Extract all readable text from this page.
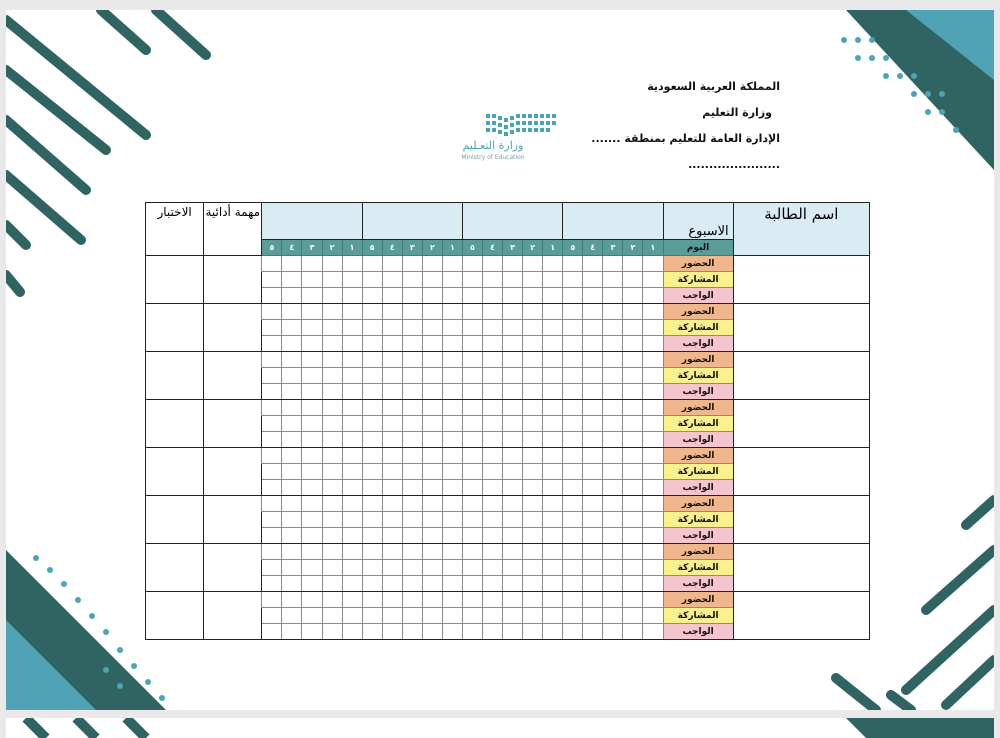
المملكة العربية السعودية
وزارة التعليم
الإدارة العامة للتعليم بمنطقة .......
......................
وزارة التعـليم
Ministry of Education
اسم الطالبة	الاسبوع																					مهمة أدائية	الاختبار
	اليوم	١	٢	٣	٤	٥	١	٢	٣	٤	٥	١	٢	٣	٤	٥	١	٢	٣	٤	٥		
	الحضور																						
	المشاركة																						
	الواجب																						
	الحضور																						
	المشاركة																						
	الواجب																						
	الحضور																						
	المشاركة																						
	الواجب																						
	الحضور																						
	المشاركة																						
	الواجب																						
	الحضور																						
	المشاركة																						
	الواجب																						
	الحضور																						
	المشاركة																						
	الواجب																						
	الحضور																						
	المشاركة																						
	الواجب																						
	الحضور																						
	المشاركة																						
	الواجب																						
